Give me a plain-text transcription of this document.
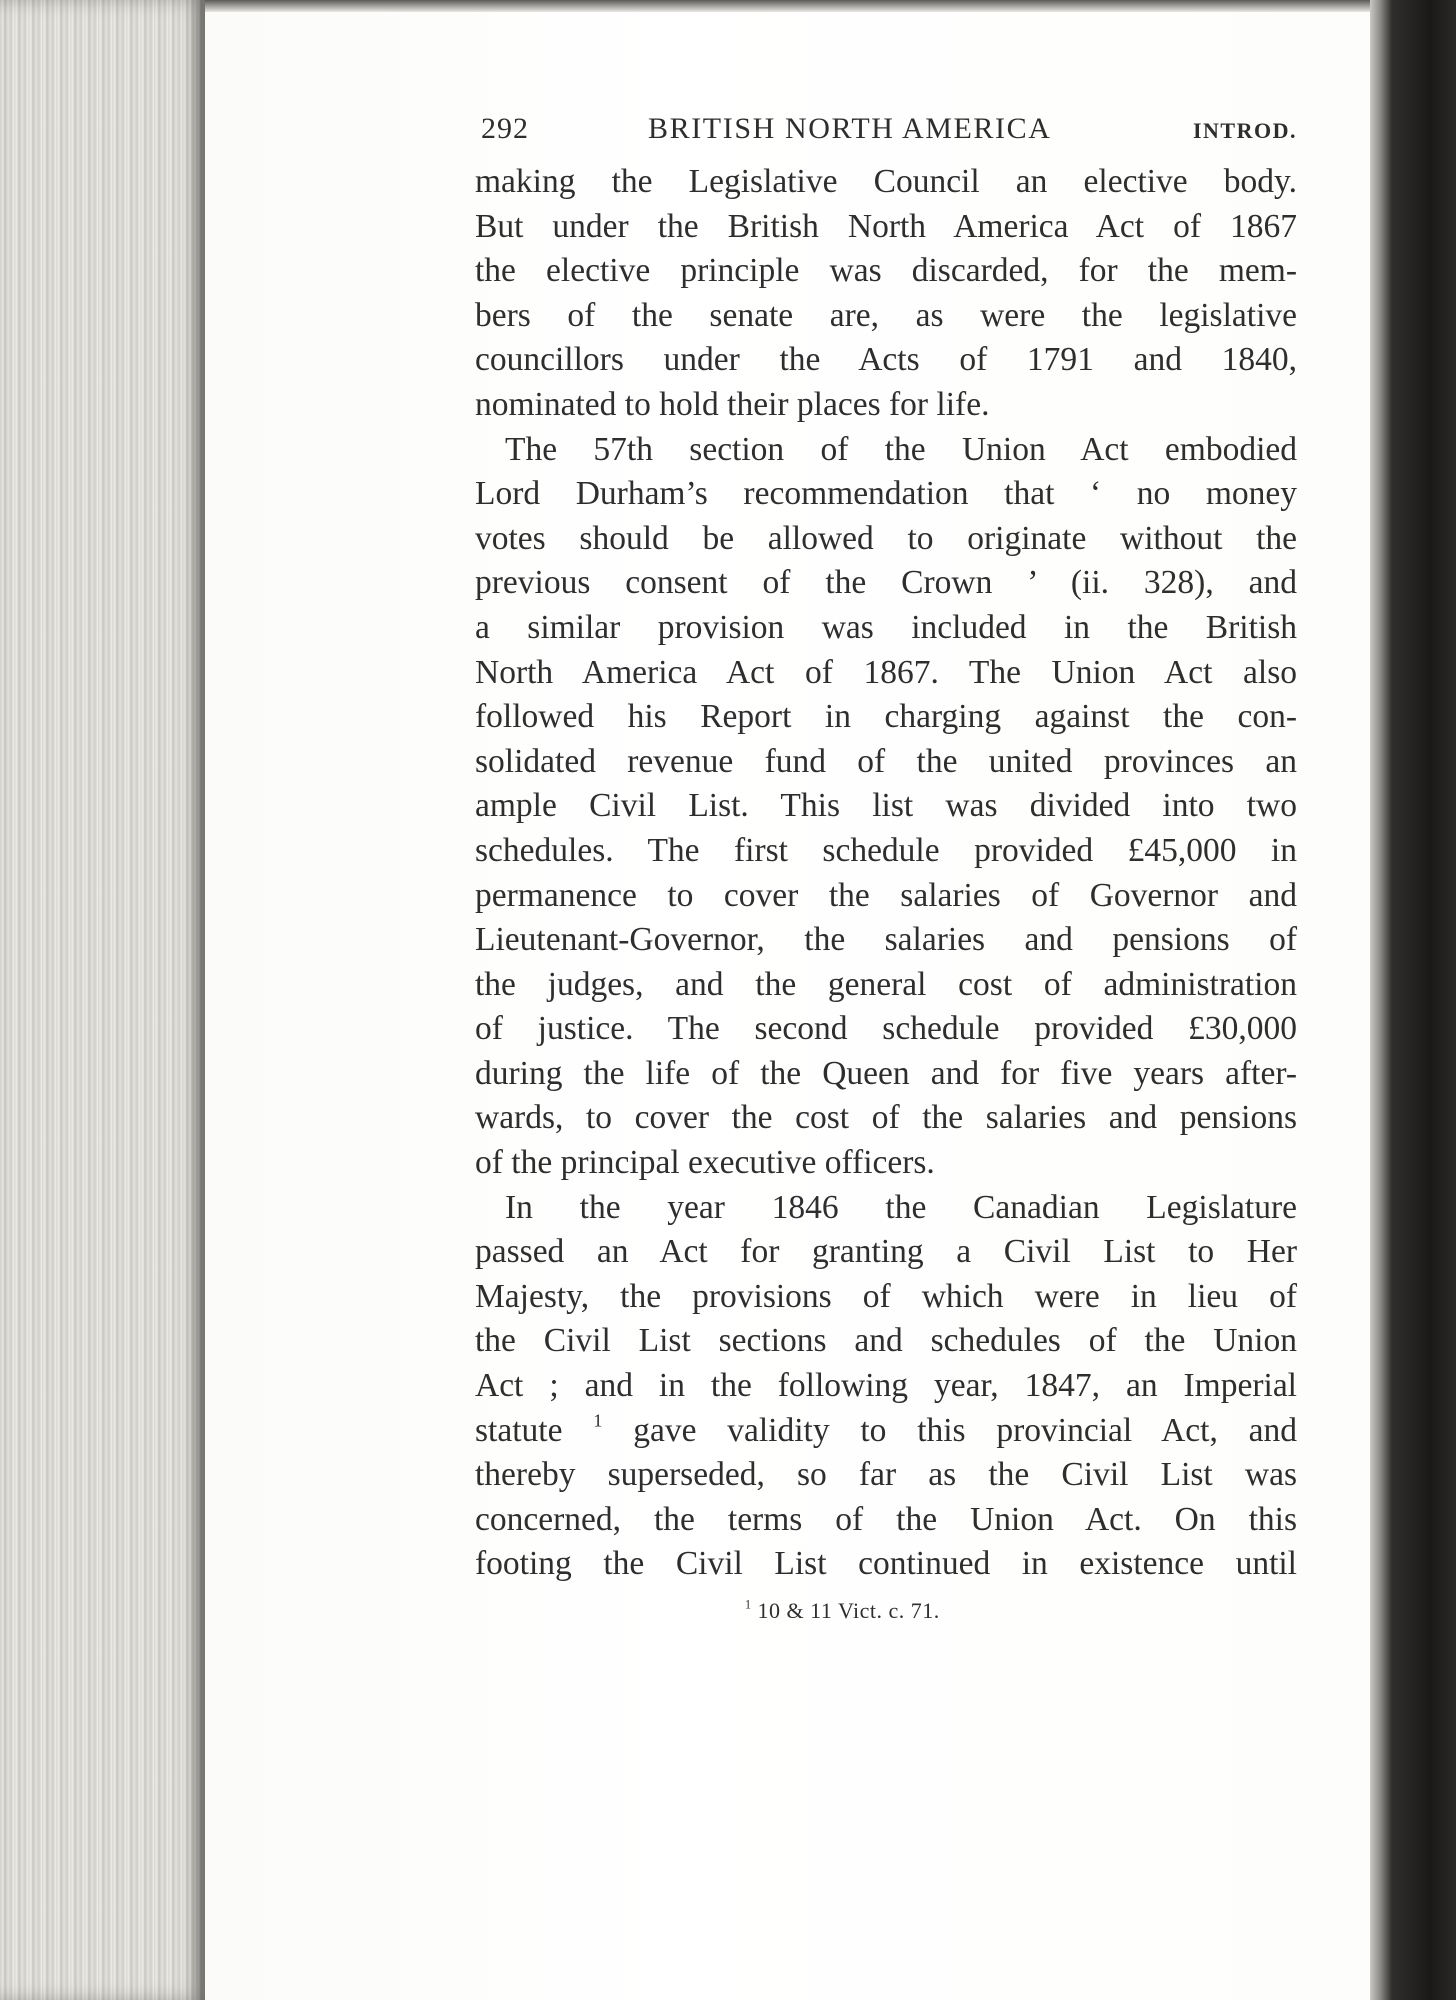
292	BRITISH NORTH AMERICA	INTROD.
making the Legislative Council an elective body.
But under the British North America Act of 1867
the elective principle was discarded, for the mem-
bers of the senate are, as were the legislative
councillors under the Acts of 1791 and 1840,
nominated to hold their places for life.
The 57th section of the Union Act embodied
Lord Durham’s recommendation that ‘ no money
votes should be allowed to originate without the
previous consent of the Crown ’ (ii. 328), and
a similar provision was included in the British
North America Act of 1867. The Union Act also
followed his Report in charging against the con-
solidated revenue fund of the united provinces an
ample Civil List. This list was divided into two
schedules. The first schedule provided £45,000 in
permanence to cover the salaries of Governor and
Lieutenant-Governor, the salaries and pensions of
the judges, and the general cost of administration
of justice. The second schedule provided £30,000
during the life of the Queen and for five years after-
wards, to cover the cost of the salaries and pensions
of the principal executive officers.
In the year 1846 the Canadian Legislature
passed an Act for granting a Civil List to Her
Majesty, the provisions of which were in lieu of
the Civil List sections and schedules of the Union
Act ; and in the following year, 1847, an Imperial
statute $^1$ gave validity to this provincial Act, and
thereby superseded, so far as the Civil List was
concerned, the terms of the Union Act. On this
footing the Civil List continued in existence until
$^1$ 10 & 11 Vict. c. 71.
